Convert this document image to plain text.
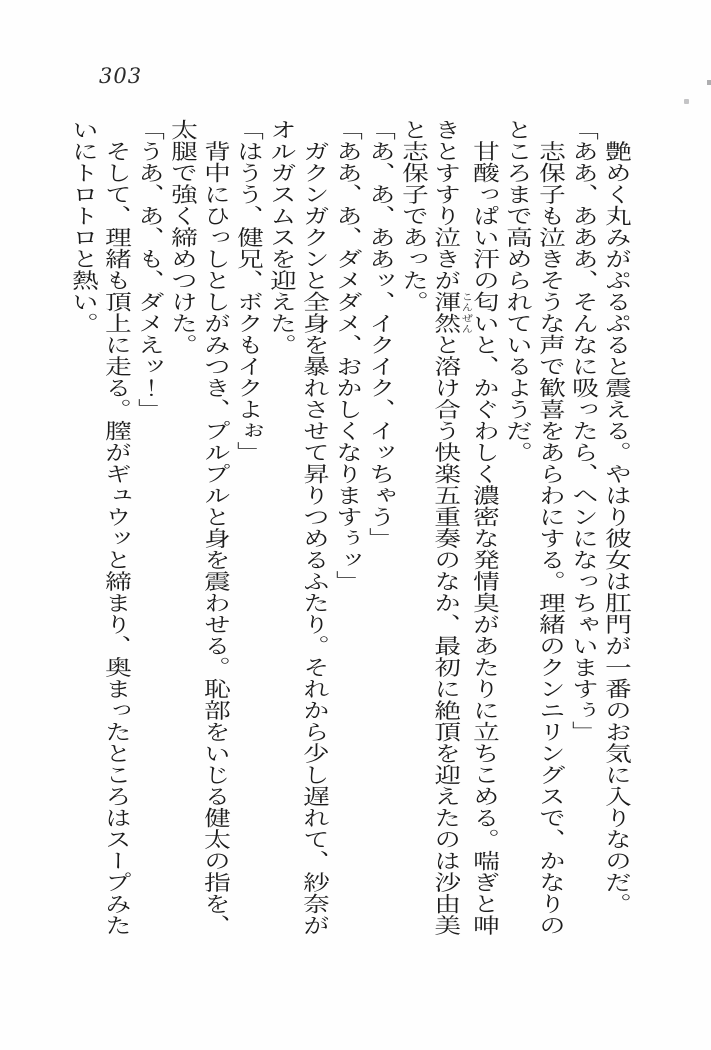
303
　艶めく丸みがぷるぷると震える。やはり彼女は肛門が一番のお気に入りなのだ。
「ああ、あああ、そんなに吸ったら、ヘンになっちゃいますぅ」
　志保子も泣きそうな声で歓喜をあらわにする。理緒のクンニリングスで、かなりの
ところまで高められているようだ。
　甘酸っぱい汗の匂いと、かぐわしく濃密な発情臭があたりに立ちこめる。喘ぎと呻
きとすすり泣きが渾然こんぜんと溶け合う快楽五重奏のなか、最初に絶頂を迎えたのは沙由美
と志保子であった。
「あ、あ、ああッ、イクイク、イッちゃう」
「ああ、あ、ダメダメ、おかしくなりますぅッ」
　ガクンガクンと全身を暴れさせて昇りつめるふたり。それから少し遅れて、紗奈が
オルガスムスを迎えた。
「はうう、健兄、ボクもイクよぉ」
　背中にひっしとしがみつき、プルプルと身を震わせる。恥部をいじる健太の指を、
太腿で強く締めつけた。
「うあ、あ、も、ダメえッ！」
　そして、理緒も頂上に走る。膣がギュウッと締まり、奥まったところはスープみた
いにトロトロと熱い。
